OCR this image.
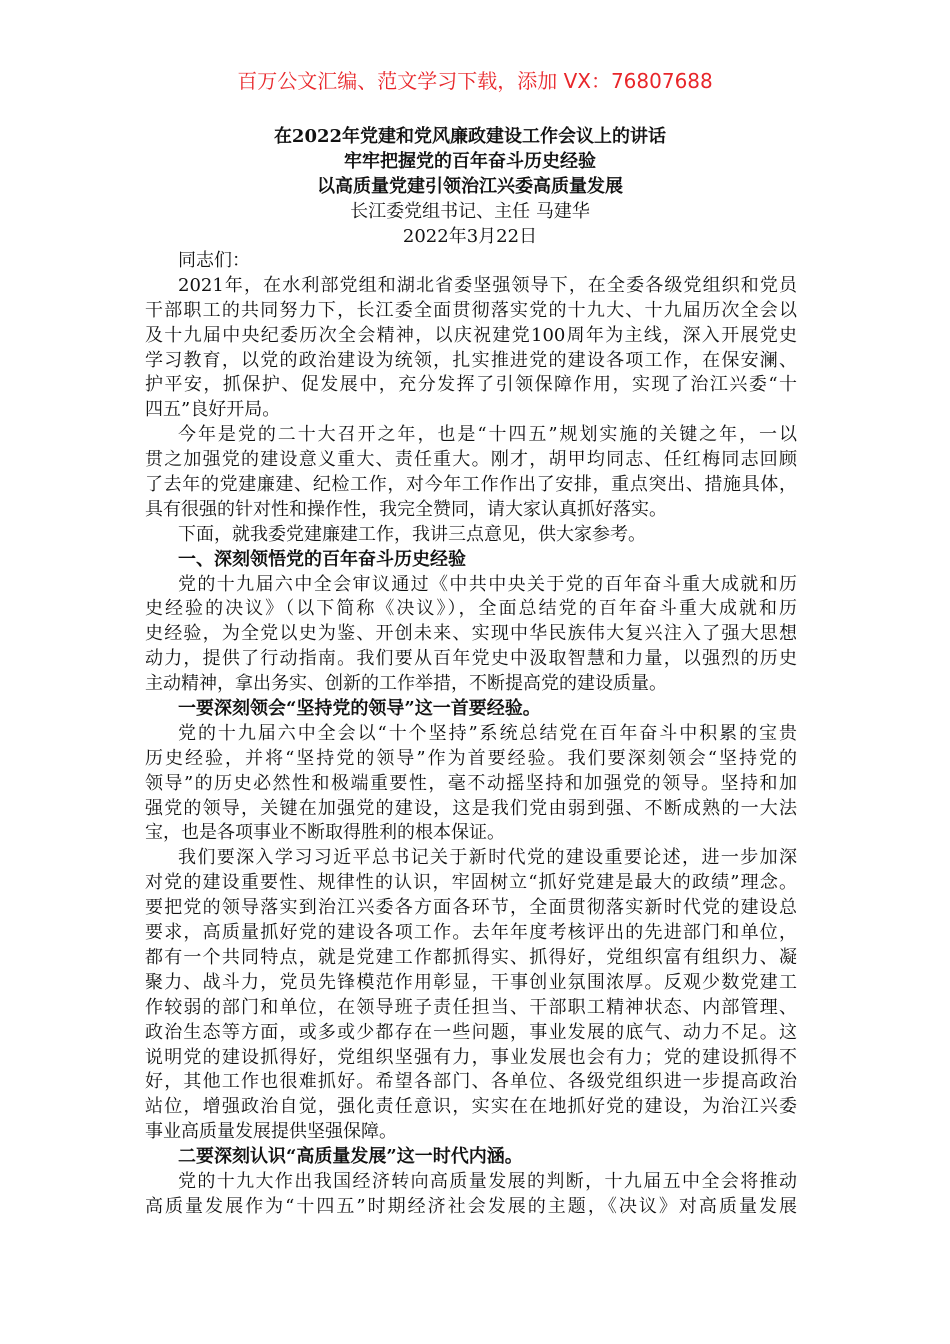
百万公文汇编、范文学习下载，添加 VX：76807688
在2022年党建和党风廉政建设工作会议上的讲话
牢牢把握党的百年奋斗历史经验
以高质量党建引领治江兴委高质量发展
长江委党组书记、主任 马建华
2022年3月22日
同志们：
2021年，在水利部党组和湖北省委坚强领导下，在全委各级党组织和党员
干部职工的共同努力下，长江委全面贯彻落实党的十九大、十九届历次全会以
及十九届中央纪委历次全会精神，以庆祝建党100周年为主线，深入开展党史
学习教育，以党的政治建设为统领，扎实推进党的建设各项工作，在保安澜、
护平安，抓保护、促发展中，充分发挥了引领保障作用，实现了治江兴委“十
四五”良好开局。
今年是党的二十大召开之年，也是“十四五”规划实施的关键之年，一以
贯之加强党的建设意义重大、责任重大。刚才，胡甲均同志、任红梅同志回顾
了去年的党建廉建、纪检工作，对今年工作作出了安排，重点突出、措施具体，
具有很强的针对性和操作性，我完全赞同，请大家认真抓好落实。
下面，就我委党建廉建工作，我讲三点意见，供大家参考。
一、深刻领悟党的百年奋斗历史经验
党的十九届六中全会审议通过《中共中央关于党的百年奋斗重大成就和历
史经验的决议》（以下简称《决议》），全面总结党的百年奋斗重大成就和历
史经验，为全党以史为鉴、开创未来、实现中华民族伟大复兴注入了强大思想
动力，提供了行动指南。我们要从百年党史中汲取智慧和力量，以强烈的历史
主动精神，拿出务实、创新的工作举措，不断提高党的建设质量。
一要深刻领会“坚持党的领导”这一首要经验。
党的十九届六中全会以“十个坚持”系统总结党在百年奋斗中积累的宝贵
历史经验，并将“坚持党的领导”作为首要经验。我们要深刻领会“坚持党的
领导”的历史必然性和极端重要性，毫不动摇坚持和加强党的领导。坚持和加
强党的领导，关键在加强党的建设，这是我们党由弱到强、不断成熟的一大法
宝，也是各项事业不断取得胜利的根本保证。
我们要深入学习习近平总书记关于新时代党的建设重要论述，进一步加深
对党的建设重要性、规律性的认识，牢固树立“抓好党建是最大的政绩”理念。
要把党的领导落实到治江兴委各方面各环节，全面贯彻落实新时代党的建设总
要求，高质量抓好党的建设各项工作。去年年度考核评出的先进部门和单位，
都有一个共同特点，就是党建工作都抓得实、抓得好，党组织富有组织力、凝
聚力、战斗力，党员先锋模范作用彰显，干事创业氛围浓厚。反观少数党建工
作较弱的部门和单位，在领导班子责任担当、干部职工精神状态、内部管理、
政治生态等方面，或多或少都存在一些问题，事业发展的底气、动力不足。这
说明党的建设抓得好，党组织坚强有力，事业发展也会有力；党的建设抓得不
好，其他工作也很难抓好。希望各部门、各单位、各级党组织进一步提高政治
站位，增强政治自觉，强化责任意识，实实在在地抓好党的建设，为治江兴委
事业高质量发展提供坚强保障。
二要深刻认识“高质量发展”这一时代内涵。
党的十九大作出我国经济转向高质量发展的判断，十九届五中全会将推动
高质量发展作为“十四五”时期经济社会发展的主题，《决议》对高质量发展
